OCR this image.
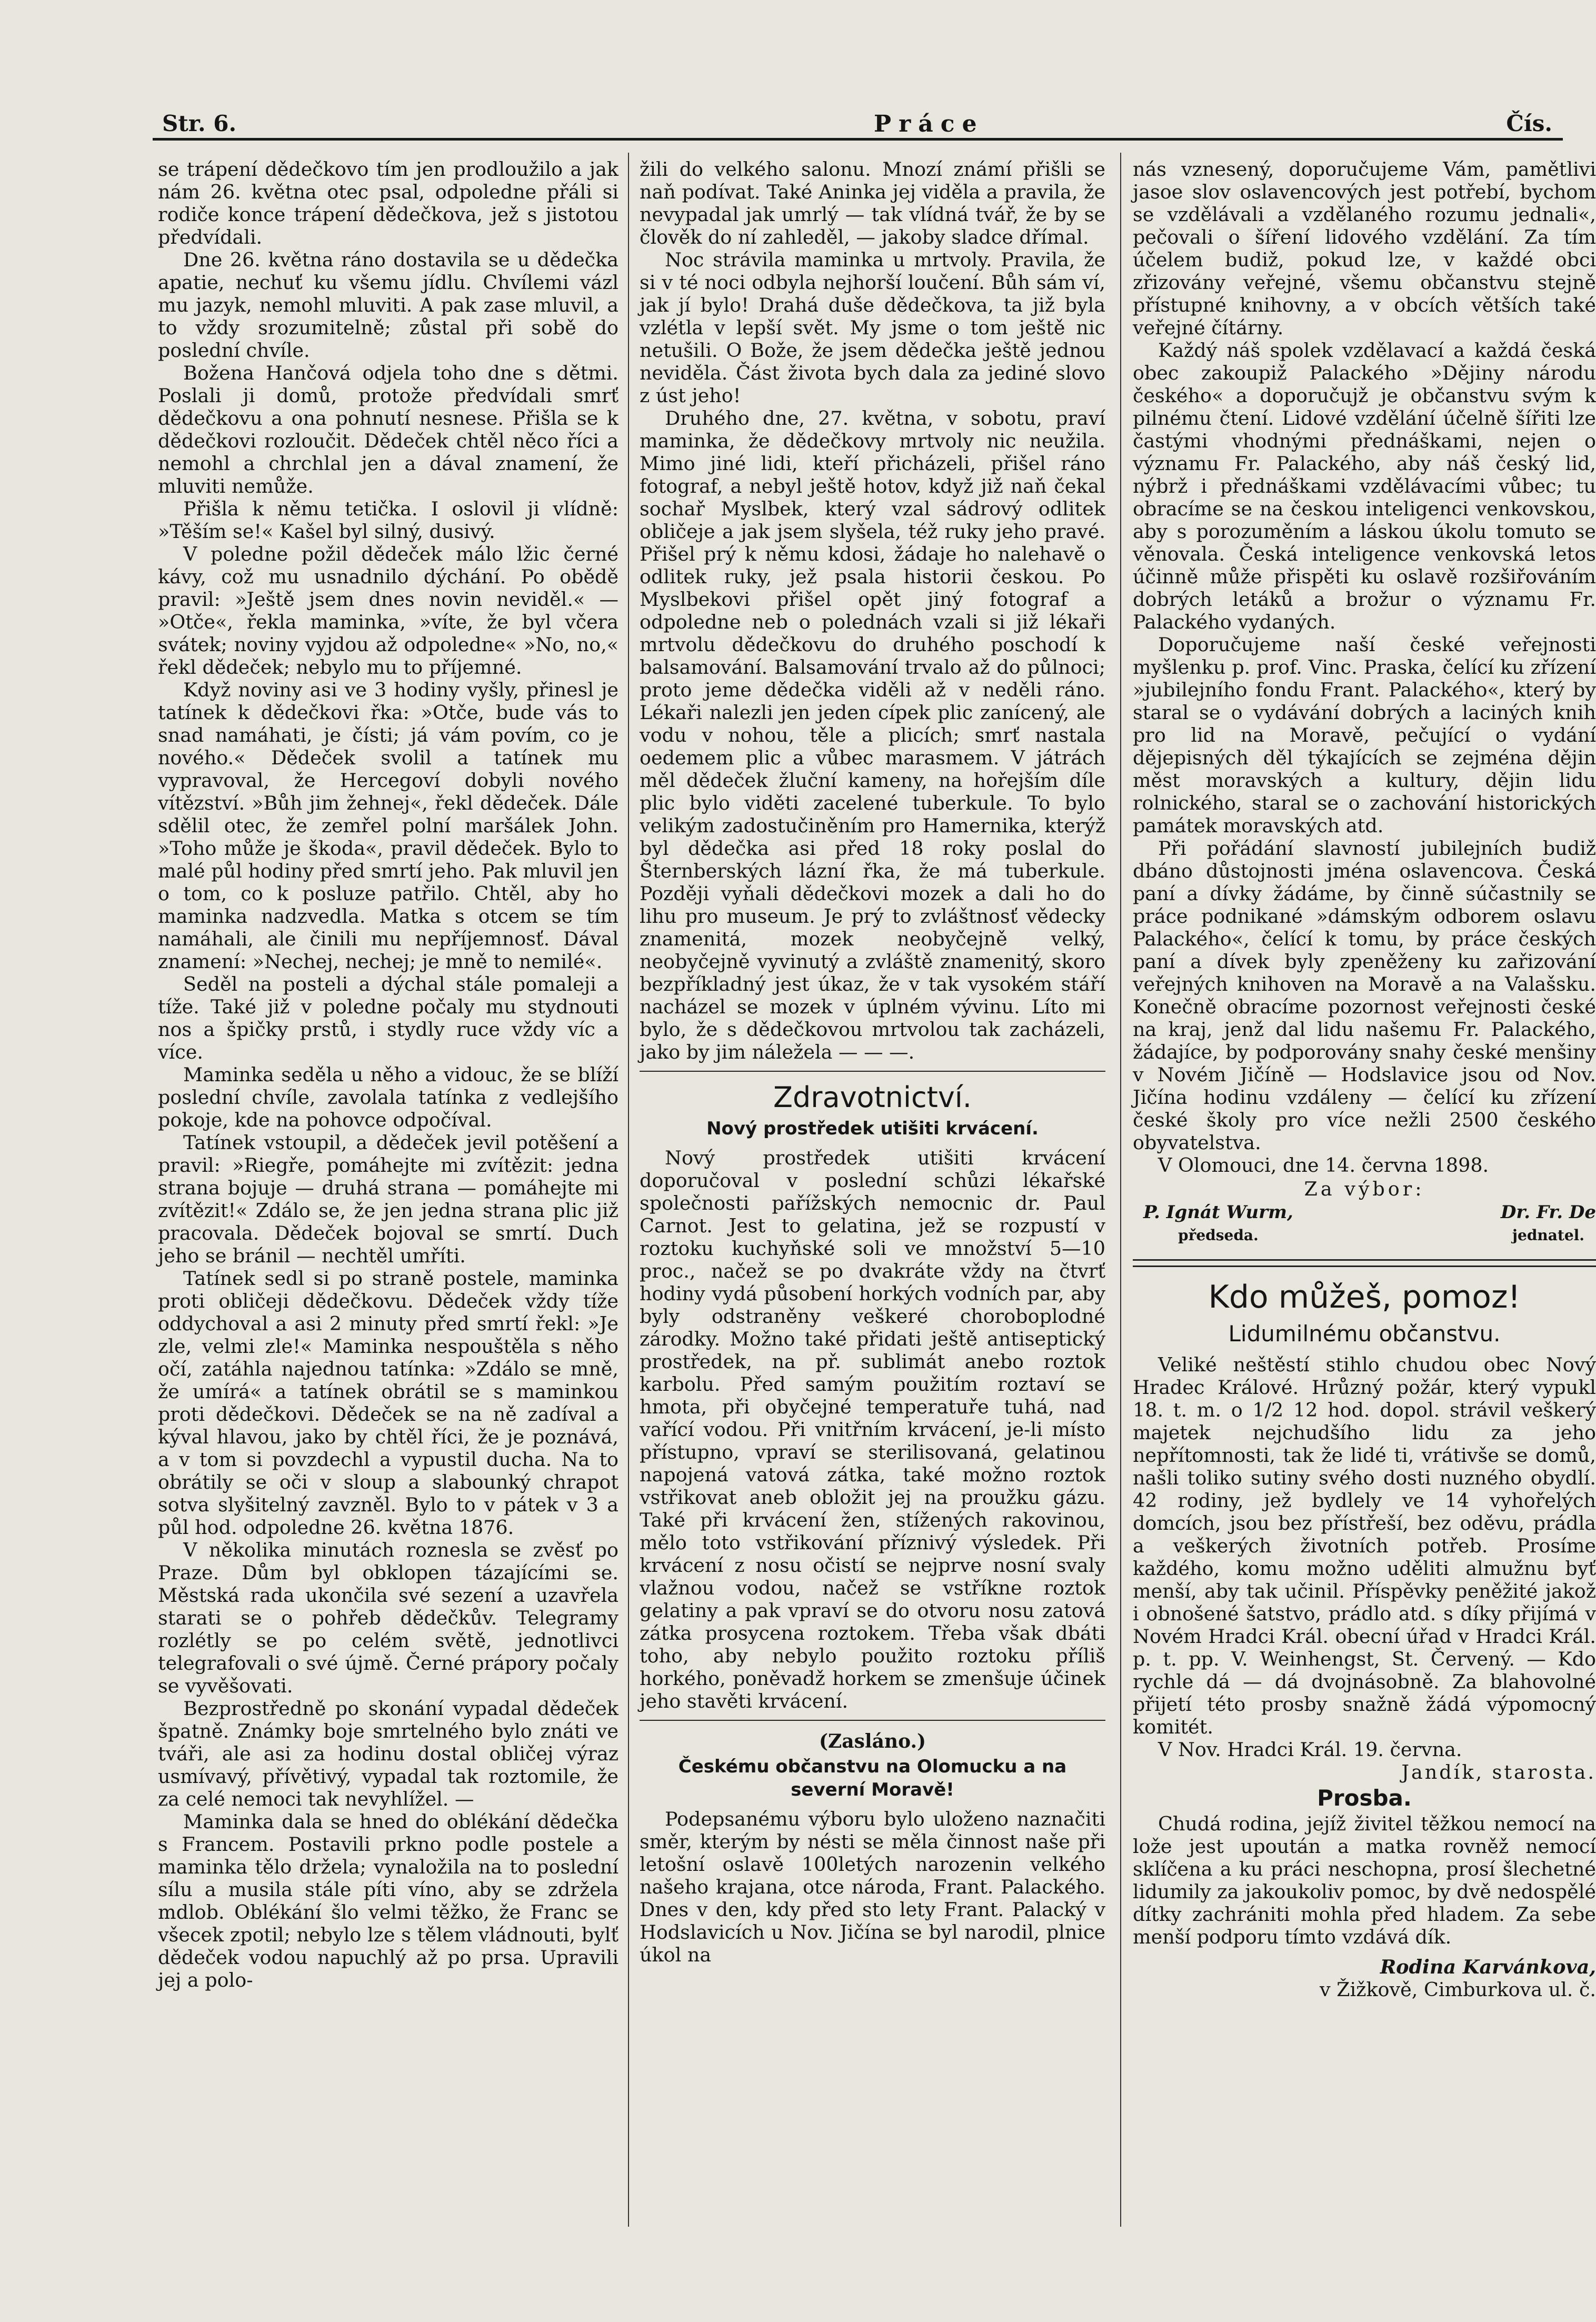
Str. 6.	Práce	Čís.

se trápení dědečkovo tím jen prodloužilo a jak nám 26. května otec psal, odpoledne přáli si rodiče konce trápení dědečkova, jež s jistotou předvídali.

Dne 26. května ráno dostavila se u dědečka apatie, nechuť ku všemu jídlu. Chvílemi vázl mu jazyk, nemohl mluviti. A pak zase mluvil, a to vždy srozumitelně; zůstal při sobě do poslední chvíle.

Božena Hančová odjela toho dne s dětmi. Poslali ji domů, protože předvídali smrť dědečkovu a ona pohnutí nesnese. Přišla se k dědečkovi rozloučit. Dědeček chtěl něco říci a nemohl a chrchlal jen a dával znamení, že mluviti nemůže.

Přišla k němu tetička. I oslovil ji vlídně: »Těším se!« Kašel byl silný, dusivý.

V poledne požil dědeček málo lžic černé kávy, což mu usnadnilo dýchání. Po obědě pravil: »Ještě jsem dnes novin neviděl.« — »Otče«, řekla maminka, »víte, že byl včera svátek; noviny vyjdou až odpoledne« »No, no,« řekl dědeček; nebylo mu to příjemné.

Když noviny asi ve 3 hodiny vyšly, přinesl je tatínek k dědečkovi řka: »Otče, bude vás to snad namáhati, je čísti; já vám povím, co je nového.« Dědeček svolil a tatínek mu vypravoval, že Hercegoví dobyli nového vítězství. »Bůh jim žehnej«, řekl dědeček. Dále sdělil otec, že zemřel polní maršálek John. »Toho může je škoda«, pravil dědeček. Bylo to malé půl hodiny před smrtí jeho. Pak mluvil jen o tom, co k posluze patřilo. Chtěl, aby ho maminka nadzvedla. Matka s otcem se tím namáhali, ale činili mu nepříjemnosť. Dával znamení: »Nechej, nechej; je mně to nemilé«.

Seděl na posteli a dýchal stále pomaleji a tíže. Také již v poledne počaly mu stydnouti nos a špičky prstů, i stydly ruce vždy víc a více.

Maminka seděla u něho a vidouc, že se blíží poslední chvíle, zavolala tatínka z vedlejšího pokoje, kde na pohovce odpočíval.

Tatínek vstoupil, a dědeček jevil potěšení a pravil: »Riegře, pomáhejte mi zvítězit: jedna strana bojuje — druhá strana — pomáhejte mi zvítězit!« Zdálo se, že jen jedna strana plic již pracovala. Dědeček bojoval se smrtí. Duch jeho se bránil — nechtěl umříti.

Tatínek sedl si po straně postele, maminka proti obličeji dědečkovu. Dědeček vždy tíže oddychoval a asi 2 minuty před smrtí řekl: »Je zle, velmi zle!« Maminka nespouštěla s něho očí, zatáhla najednou tatínka: »Zdálo se mně, že umírá« a tatínek obrátil se s maminkou proti dědečkovi. Dědeček se na ně zadíval a kýval hlavou, jako by chtěl říci, že je poznává, a v tom si povzdechl a vypustil ducha. Na to obrátily se oči v sloup a slabounký chrapot sotva slyšitelný zavzněl. Bylo to v pátek v 3 a půl hod. odpoledne 26. května 1876.

V několika minutách roznesla se zvěsť po Praze. Dům byl obklopen tázajícími se. Městská rada ukončila své sezení a uzavřela starati se o pohřeb dědečkův. Telegramy rozlétly se po celém světě, jednotlivci telegrafovali o své újmě. Černé prápory počaly se vyvěšovati.

Bezprostředně po skonání vypadal dědeček špatně. Známky boje smrtelného bylo znáti ve tváři, ale asi za hodinu dostal obličej výraz usmívavý, přívětivý, vypadal tak roztomile, že za celé nemoci tak nevyhlížel. —

Maminka dala se hned do oblékání dědečka s Francem. Postavili prkno podle postele a maminka tělo držela; vynaložila na to poslední sílu a musila stále píti víno, aby se zdržela mdlob. Oblékání šlo velmi těžko, že Franc se všecek zpotil; nebylo lze s tělem vládnouti, bylť dědeček vodou napuchlý až po prsa. Upravili jej a polo-

žili do velkého salonu. Mnozí známí přišli se naň podívat. Také Aninka jej viděla a pravila, že nevypadal jak umrlý — tak vlídná tvář, že by se člověk do ní zahleděl, — jakoby sladce dřímal.

Noc strávila maminka u mrtvoly. Pravila, že si v té noci odbyla nejhorší loučení. Bůh sám ví, jak jí bylo! Drahá duše dědečkova, ta již byla vzlétla v lepší svět. My jsme o tom ještě nic netušili. O Bože, že jsem dědečka ještě jednou neviděla. Část života bych dala za jediné slovo z úst jeho!

Druhého dne, 27. května, v sobotu, praví maminka, že dědečkovy mrtvoly nic neužila. Mimo jiné lidi, kteří přicházeli, přišel ráno fotograf, a nebyl ještě hotov, když již naň čekal sochař Myslbek, který vzal sádrový odlitek obličeje a jak jsem slyšela, též ruky jeho pravé. Přišel prý k němu kdosi, žádaje ho nalehavě o odlitek ruky, jež psala historii českou. Po Myslbekovi přišel opět jiný fotograf a odpoledne neb o polednách vzali si již lékaři mrtvolu dědečkovu do druhého poschodí k balsamování. Balsamování trvalo až do půlnoci; proto jeme dědečka viděli až v neděli ráno. Lékaři nalezli jen jeden cípek plic zanícený, ale vodu v nohou, těle a plicích; smrť nastala oedemem plic a vůbec marasmem. V játrách měl dědeček žluční kameny, na hořejším díle plic bylo viděti zacelené tuberkule. To bylo velikým zadostučiněním pro Hamernika, kterýž byl dědečka asi před 18 roky poslal do Šternberských lázní řka, že má tuberkule. Později vyňali dědečkovi mozek a dali ho do lihu pro museum. Je prý to zvláštnosť vědecky znamenitá, mozek neobyčejně velký, neobyčejně vyvinutý a zvláště znamenitý, skoro bezpříkladný jest úkaz, že v tak vysokém stáří nacházel se mozek v úplném vývinu. Líto mi bylo, že s dědečkovou mrtvolou tak zacházeli, jako by jim náležela — — —.

Zdravotnictví.
Nový prostředek utišiti krvácení.

Nový prostředek utišiti krvácení doporučoval v poslední schůzi lékařské společnosti pařížských nemocnic dr. Paul Carnot. Jest to gelatina, jež se rozpustí v roztoku kuchyňské soli ve množství 5—10 proc., načež se po dvakráte vždy na čtvrť hodiny vydá působení horkých vodních par, aby byly odstraněny veškeré choroboplodné zárodky. Možno také přidati ještě antiseptický prostředek, na př. sublimát anebo roztok karbolu. Před samým použitím roztaví se hmota, při obyčejné temperatuře tuhá, nad vařící vodou. Při vnitřním krvácení, je-li místo přístupno, vpraví se sterilisovaná, gelatinou napojená vatová zátka, také možno roztok vstřikovat aneb obložit jej na proužku gázu. Také při krvácení žen, stížených rakovinou, mělo toto vstřikování příznivý výsledek. Při krvácení z nosu očistí se nejprve nosní svaly vlažnou vodou, načež se vstříkne roztok gelatiny a pak vpraví se do otvoru nosu zatová zátka prosycena roztokem. Třeba však dbáti toho, aby nebylo použito roztoku příliš horkého, poněvadž horkem se zmenšuje účinek jeho stavěti krvácení.

(Zasláno.)
Českému občanstvu na Olomucku a na severní Moravě!

Podepsanému výboru bylo uloženo naznačiti směr, kterým by nésti se měla činnost naše při letošní oslavě 100letých narozenin velkého našeho krajana, otce národa, Frant. Palackého. Dnes v den, kdy před sto lety Frant. Palacký v Hodslavicích u Nov. Jičína se byl narodil, plnice úkol na

nás vznesený, doporučujeme Vám, pamětlivi jasoe slov oslavencových jest potřebí, bychom se vzdělávali a vzdělaného rozumu jednali«, pečovali o šíření lidového vzdělání. Za tím účelem budiž, pokud lze, v každé obci zřizovány veřejné, všemu občanstvu stejně přístupné knihovny, a v obcích větších také veřejné čítárny.

Každý náš spolek vzdělavací a každá česká obec zakoupiž Palackého »Dějiny národu českého« a doporučujž je občanstvu svým k pilnému čtení. Lidové vzdělání účelně šířiti lze častými vhodnými přednáškami, nejen o významu Fr. Palackého, aby náš český lid, nýbrž i přednáškami vzdělávacími vůbec; tu obracíme se na českou inteligenci venkovskou, aby s porozuměním a láskou úkolu tomuto se věnovala. Česká inteligence venkovská letos účinně může přispěti ku oslavě rozšiřováním dobrých letáků a brožur o významu Fr. Palackého vydaných.

Doporučujeme naší české veřejnosti myšlenku p. prof. Vinc. Praska, čelící ku zřízení »jubilejního fondu Frant. Palackého«, který by staral se o vydávání dobrých a laciných knih pro lid na Moravě, pečující o vydání dějepisných děl týkajících se zejména dějin měst moravských a kultury, dějin lidu rolnického, staral se o zachování historických památek moravských atd.

Při pořádání slavností jubilejních budiž dbáno důstojnosti jména oslavencova. Česká paní a dívky žádáme, by činně súčastnily se práce podnikané »dámským odborem oslavu Palackého«, čelící k tomu, by práce českých paní a dívek byly zpeněženy ku zařizování veřejných knihoven na Moravě a na Valašsku. Konečně obracíme pozornost veřejnosti české na kraj, jenž dal lidu našemu Fr. Palackého, žádajíce, by podporovány snahy české menšiny v Novém Jičíně — Hodslavice jsou od Nov. Jičína hodinu vzdáleny — čelící ku zřízení české školy pro více nežli 2500 českého obyvatelstva.

V Olomouci, dne 14. června 1898.

Za výbor:
P. Ignát Wurm,
předseda.
Dr. Fr. De
jednatel.
Kdo můžeš, pomoz!
Lidumilnému občanstvu.

Veliké neštěstí stihlo chudou obec Nový Hradec Králové. Hrůzný požár, který vypukl 18. t. m. o 1/2 12 hod. dopol. strávil veškerý majetek nejchudšího lidu za jeho nepřítomnosti, tak že lidé ti, vrátivše se domů, našli toliko sutiny svého dosti nuzného obydlí. 42 rodiny, jež bydlely ve 14 vyhořelých domcích, jsou bez přístřeší, bez oděvu, prádla a veškerých životních potřeb. Prosíme každého, komu možno uděliti almužnu byť menší, aby tak učinil. Příspěvky peněžité jakož i obnošené šatstvo, prádlo atd. s díky přijímá v Novém Hradci Král. obecní úřad v Hradci Král. p. t. pp. V. Weinhengst, St. Červený. — Kdo rychle dá — dá dvojnásobně. Za blahovolné přijetí této prosby snažně žádá výpomocný komitét.

V Nov. Hradci Král. 19. června.

Jandík, starosta.
Prosba.

Chudá rodina, jejíž živitel těžkou nemocí na lože jest upoután a matka rovněž nemocí sklíčena a ku práci neschopna, prosí šlechetné lidumily za jakoukoliv pomoc, by dvě nedospělé dítky zachrániti mohla před hladem. Za sebe menší podporu tímto vzdává dík.

Rodina Karvánkova,
v Žižkově, Cimburkova ul. č.
